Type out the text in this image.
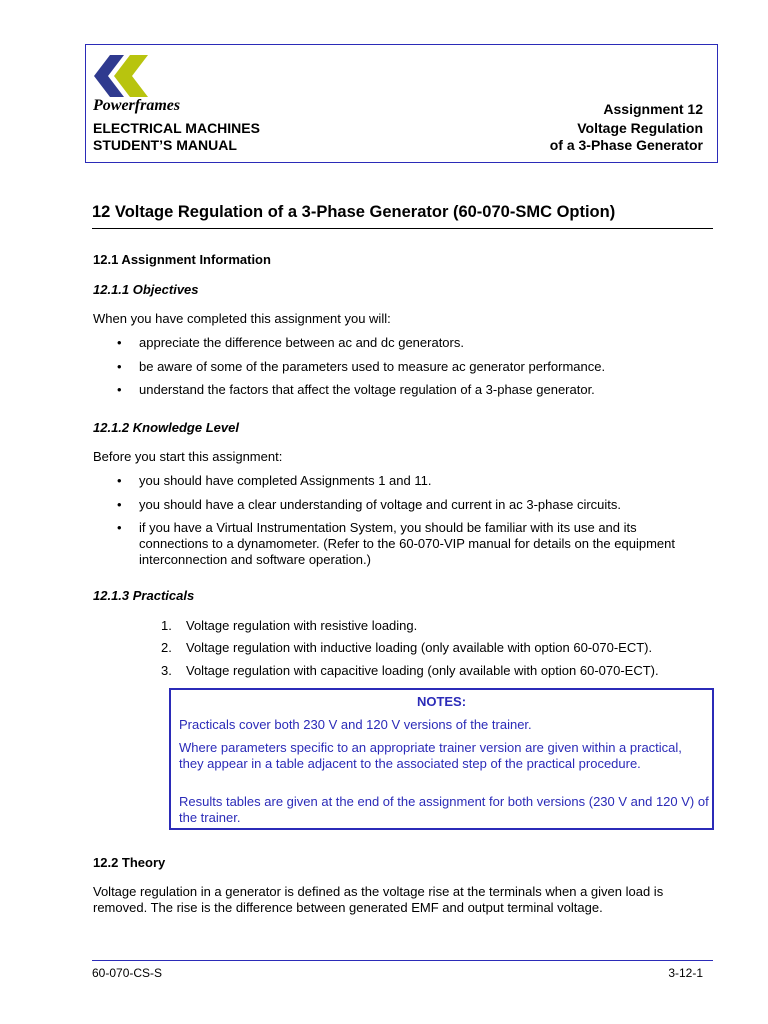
Powerframes
ELECTRICAL MACHINES
STUDENT’S MANUAL
Assignment 12
Voltage Regulation
of a 3-Phase Generator
12 Voltage Regulation of a 3-Phase Generator (60-070-SMC Option)
12.1 Assignment Information
12.1.1 Objectives
When you have completed this assignment you will:
• appreciate the difference between ac and dc generators.
• be aware of some of the parameters used to measure ac generator performance.
• understand the factors that affect the voltage regulation of a 3-phase generator.
12.1.2 Knowledge Level
Before you start this assignment:
• you should have completed Assignments 1 and 11.
• you should have a clear understanding of voltage and current in ac 3-phase circuits.
• if you have a Virtual Instrumentation System, you should be familiar with its use and its connections to a dynamometer. (Refer to the 60-070-VIP manual for details on the equipment interconnection and software operation.)
12.1.3 Practicals
1. Voltage regulation with resistive loading.
2. Voltage regulation with inductive loading (only available with option 60-070-ECT).
3. Voltage regulation with capacitive loading (only available with option 60-070-ECT).
NOTES:
Practicals cover both 230 V and 120 V versions of the trainer.
Where parameters specific to an appropriate trainer version are given within a practical, they appear in a table adjacent to the associated step of the practical procedure.
Results tables are given at the end of the assignment for both versions (230 V and 120 V) of the trainer.
12.2 Theory
Voltage regulation in a generator is defined as the voltage rise at the terminals when a given load is removed. The rise is the difference between generated EMF and output terminal voltage.
60-070-CS-S	3-12-1
